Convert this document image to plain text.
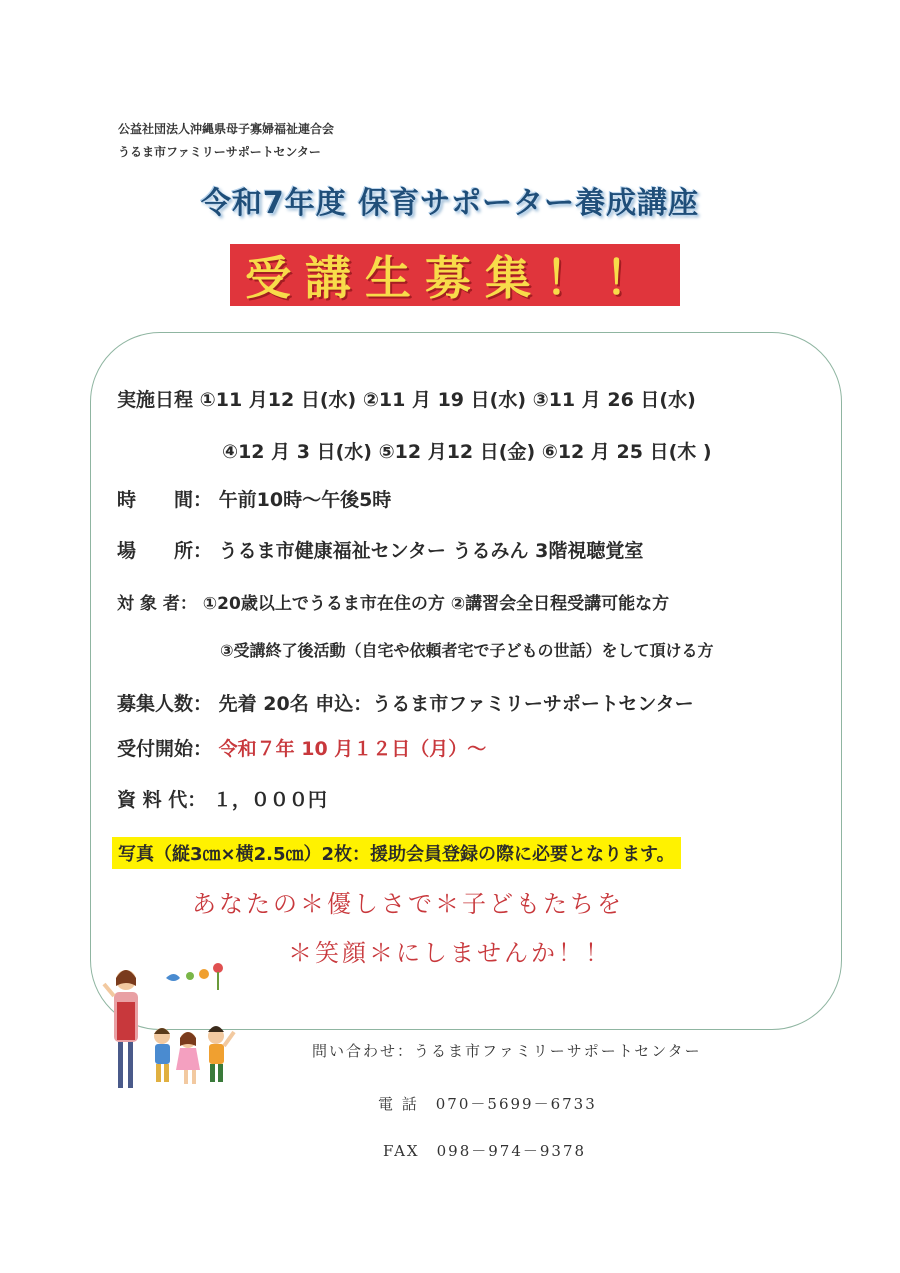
公益社団法人沖縄県母子寡婦福祉連合会
うるま市ファミリーサポートセンター
令和7年度 保育サポーター養成講座
受講生募集！！
実施日程 ①11 月12 日(水) ②11 月 19 日(水) ③11 月 26 日(水)
④12 月 3 日(水) ⑤12 月12 日(金) ⑥12 月 25 日(木 )
時　　間： 午前10時〜午後5時
場　　所： うるま市健康福祉センター うるみん 3階視聴覚室
対 象 者： ①20歳以上でうるま市在住の方 ②講習会全日程受講可能な方
③受講終了後活動（自宅や依頼者宅で子どもの世話）をして頂ける方
募集人数： 先着 20名 申込：うるま市ファミリーサポートセンター
受付開始： 令和７年 10 月１２日（月）〜
資 料 代： １，０００円
写真（縦3㎝×横2.5㎝）2枚：援助会員登録の際に必要となります。
あなたの＊優しさで＊子どもたちを
＊笑顔＊にしませんか！！
問い合わせ：うるま市ファミリーサポートセンター
電 話　070－5699－6733
FAX　098－974－9378
